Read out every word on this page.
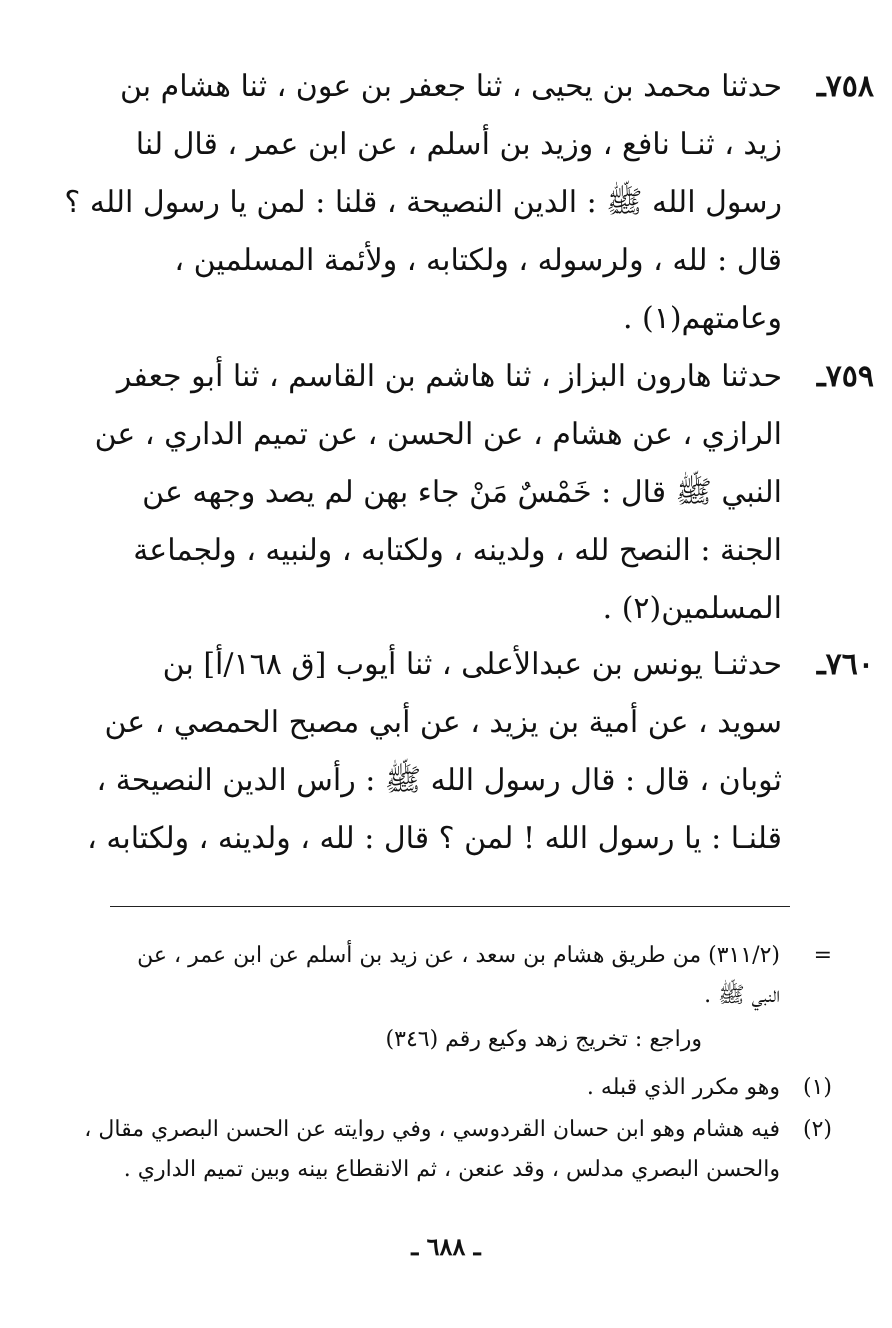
٧٥٨ـ
حدثنا محمد بن يحيى ، ثنا جعفر بن عون ، ثنا هشام بن
زيد ، ثنـا نافع ، وزيد بن أسلم ، عن ابن عمر ، قال لنا
رسول الله ﷺ : الدين النصيحة ، قلنا : لمن يا رسول الله ؟
قال : لله ، ولرسوله ، ولكتابه ، ولأئمة المسلمين ،
وعامتهم(١) .
٧٥٩ـ
حدثنا هارون البزاز ، ثنا هاشم بن القاسم ، ثنا أبو جعفر
الرازي ، عن هشام ، عن الحسن ، عن تميم الداري ، عن
النبي ﷺ قال : خَمْسٌ مَنْ جاء بهن لم يصد وجهه عن
الجنة : النصح لله ، ولدينه ، ولكتابه ، ولنبيه ، ولجماعة
المسلمين(٢) .
٧٦٠ـ
حدثنـا يونس بن عبدالأعلى ، ثنا أيوب [ق ١٦٨/أ] بن
سويد ، عن أمية بن يزيد ، عن أبي مصبح الحمصي ، عن
ثوبان ، قال : قال رسول الله ﷺ : رأس الدين النصيحة ،
قلنـا : يا رسول الله ! لمن ؟ قال : لله ، ولدينه ، ولكتابه ،
=
(٣١١/٢) من طريق هشام بن سعد ، عن زيد بن أسلم عن ابن عمر ، عن
النبي ﷺ .
وراجع : تخريج زهد وكيع رقم (٣٤٦)
(١)
وهو مكرر الذي قبله .
(٢)
فيه هشام وهو ابن حسان القردوسي ، وفي روايته عن الحسن البصري مقال ،
والحسن البصري مدلس ، وقد عنعن ، ثم الانقطاع بينه وبين تميم الداري .
ـ ٦٨٨ ـ
